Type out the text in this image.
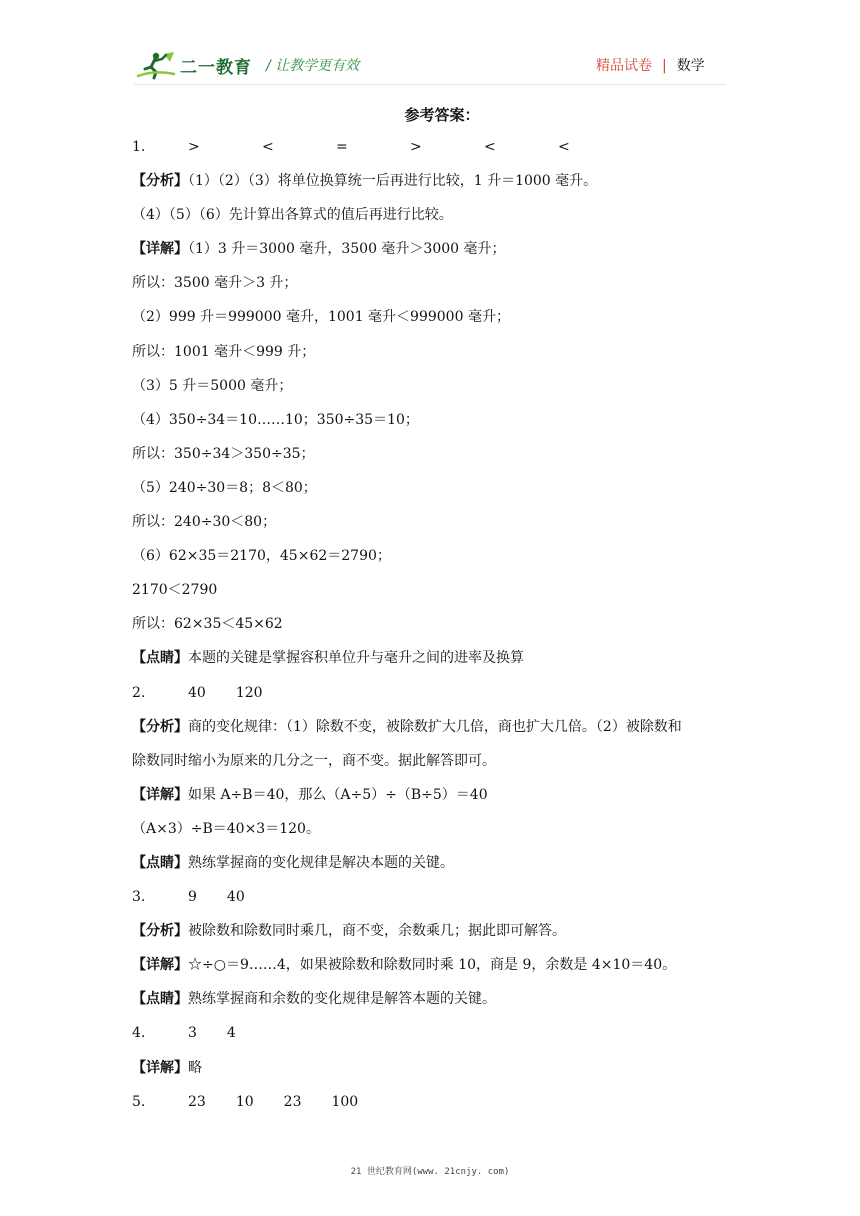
二一教育 / 让教学更有效	精品试卷 | 数学
参考答案：
1.	>	<	=	>	<	<
【分析】（1）（2）（3）将单位换算统一后再进行比较，1 升＝1000 毫升。
（4）（5）（6）先计算出各算式的值后再进行比较。
【详解】（1）3 升＝3000 毫升，3500 毫升＞3000 毫升；
所以：3500 毫升＞3 升；
（2）999 升＝999000 毫升，1001 毫升＜999000 毫升；
所以：1001 毫升＜999 升；
（3）5 升＝5000 毫升；
（4）350÷34＝10……10；350÷35＝10；
所以：350÷34＞350÷35；
（5）240÷30＝8；8＜80；
所以：240÷30＜80；
（6）62×35＝2170，45×62＝2790；
2170＜2790
所以：62×35＜45×62
【点睛】本题的关键是掌握容积单位升与毫升之间的进率及换算
2.	40 120
【分析】商的变化规律：（1）除数不变，被除数扩大几倍，商也扩大几倍。（2）被除数和
除数同时缩小为原来的几分之一，商不变。据此解答即可。
【详解】如果 A÷B＝40，那么（A÷5）÷（B÷5）＝40
（A×3）÷B＝40×3＝120。
【点睛】熟练掌握商的变化规律是解决本题的关键。
3.	9 40
【分析】被除数和除数同时乘几，商不变，余数乘几；据此即可解答。
【详解】☆÷○＝9……4，如果被除数和除数同时乘 10，商是 9，余数是 4×10＝40。
【点睛】熟练掌握商和余数的变化规律是解答本题的关键。
4.	3 4
【详解】略
5.	23 10 23 100
21 世纪教育网(www. 21cnjy. com)
